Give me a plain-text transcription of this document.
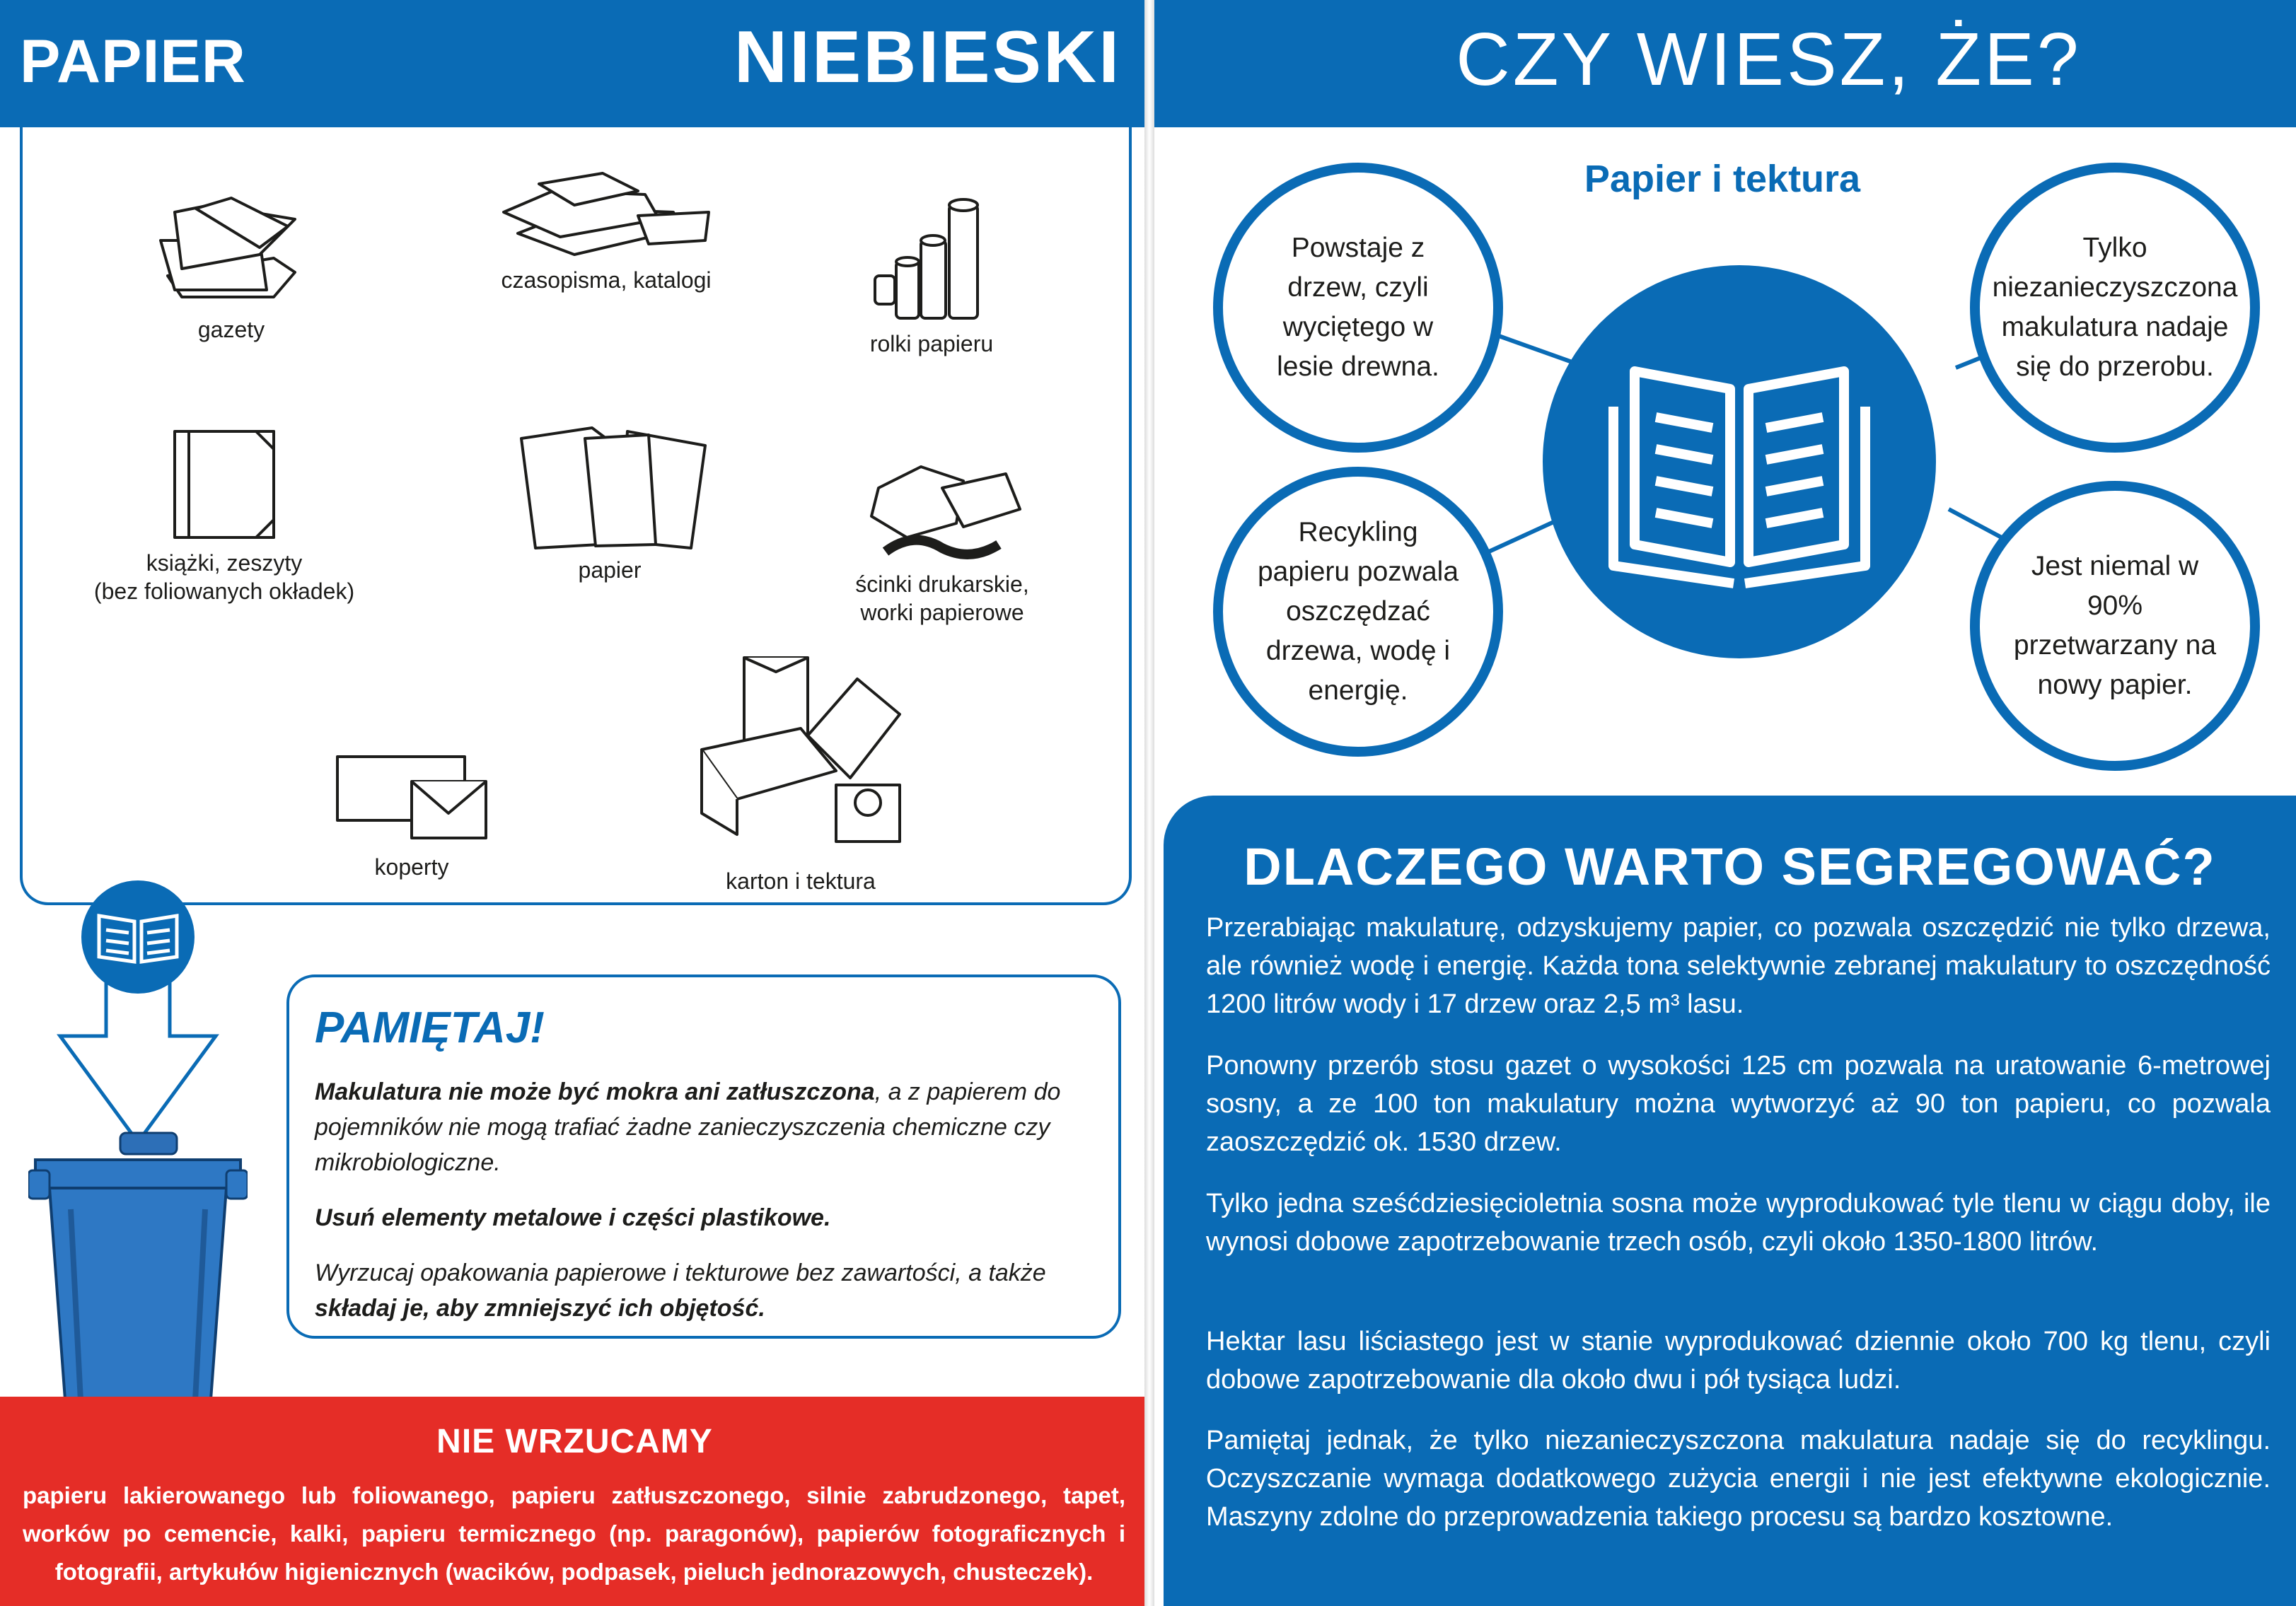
PAPIER	NIEBIESKI
gazety
czasopisma, katalogi
rolki papieru
książki, zeszyty
(bez foliowanych okładek)
papier
ścinki drukarskie,
worki papierowe
koperty
karton i tektura
PAMIĘTAJ!

Makulatura nie może być mokra ani zatłuszczona, a z papierem do pojemników nie mogą trafiać żadne zanieczyszczenia chemiczne czy mikrobiologiczne.

Usuń elementy metalowe i części plastikowe.

Wyrzucaj opakowania papierowe i tekturowe bez zawartości, a także składaj je, aby zmniejszyć ich objętość.

NIE WRZUCAMY

papieru lakierowanego lub foliowanego, papieru zatłuszczonego, silnie zabrudzonego, tapet, worków po cemencie, kalki, papieru termicznego (np. paragonów), papierów fotograficznych i fotografii, artykułów higienicznych (wacików, podpasek, pieluch jednorazowych, chusteczek).

CZY WIESZ, ŻE?
Papier i tektura
Powstaje z drzew, czyli wyciętego w lesie drewna.
Tylko niezanieczyszczona makulatura nadaje się do przerobu.
Recykling papieru pozwala oszczędzać drzewa, wodę i energię.
Jest niemal w 90% przetwarzany na nowy papier.
DLACZEGO WARTO SEGREGOWAĆ?
Przerabiając makulaturę, odzyskujemy papier, co pozwala oszczędzić nie tylko drzewa, ale również wodę i energię. Każda tona selektywnie zebranej makulatury to oszczędność 1200 litrów wody i 17 drzew oraz 2,5 m³ lasu.
Ponowny przerób stosu gazet o wysokości 125 cm pozwala na uratowanie 6-metrowej sosny, a ze 100 ton makulatury można wytworzyć aż 90 ton papieru, co pozwala zaoszczędzić ok. 1530 drzew.
Tylko jedna sześćdziesięcioletnia sosna może wyprodukować tyle tlenu w ciągu doby, ile wynosi dobowe zapotrzebowanie trzech osób, czyli około 1350-1800 litrów.
Hektar lasu liściastego jest w stanie wyprodukować dziennie około 700 kg tlenu, czyli dobowe zapotrzebowanie dla około dwu i pół tysiąca ludzi.
Pamiętaj jednak, że tylko niezanieczyszczona makulatura nadaje się do recyklingu. Oczyszczanie wymaga dodatkowego zużycia energii i nie jest efektywne ekologicznie. Maszyny zdolne do przeprowadzenia takiego procesu są bardzo kosztowne.
